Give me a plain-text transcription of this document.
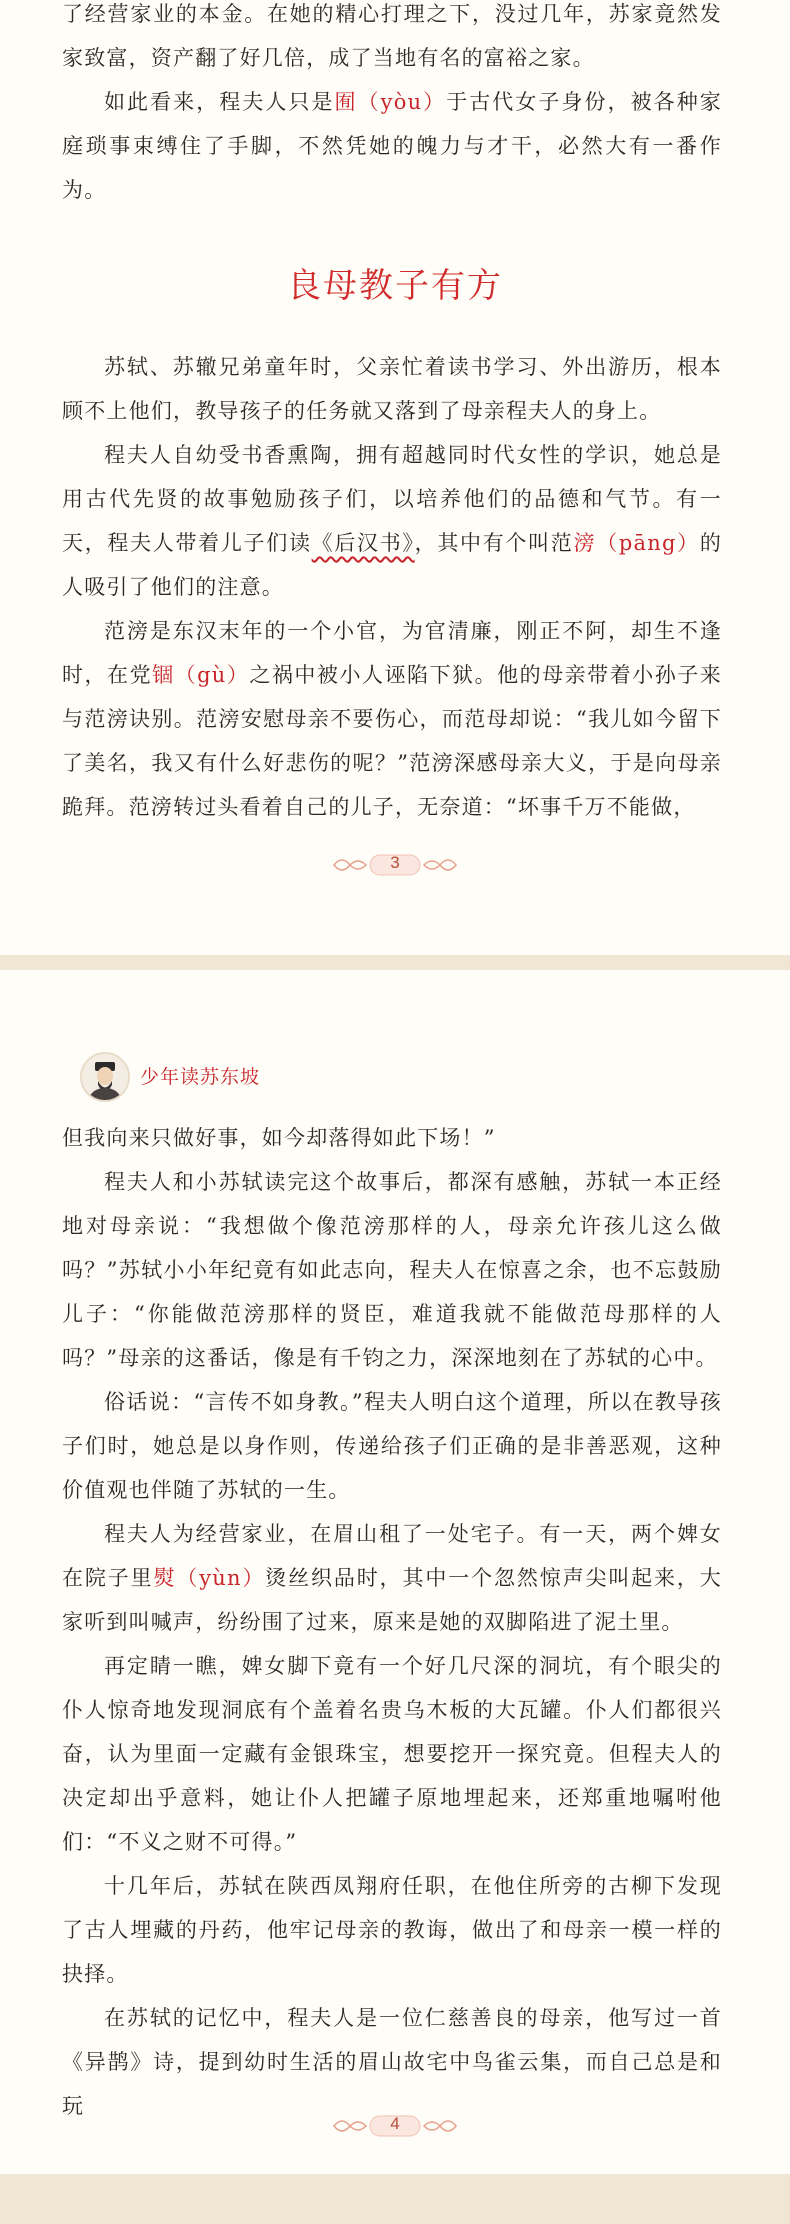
了经营家业的本金。在她的精心打理之下，没过几年，苏家竟然发家致富，资产翻了好几倍，成了当地有名的富裕之家。

如此看来，程夫人只是囿（yòu）于古代女子身份，被各种家庭琐事束缚住了手脚，不然凭她的魄力与才干，必然大有一番作为。

良母教子有方

苏轼、苏辙兄弟童年时，父亲忙着读书学习、外出游历，根本顾不上他们，教导孩子的任务就又落到了母亲程夫人的身上。

程夫人自幼受书香熏陶，拥有超越同时代女性的学识，她总是用古代先贤的故事勉励孩子们，以培养他们的品德和气节。有一天，程夫人带着儿子们读《后汉书》，其中有个叫范滂（pāng）的人吸引了他们的注意。

范滂是东汉末年的一个小官，为官清廉，刚正不阿，却生不逢时，在党锢（gù）之祸中被小人诬陷下狱。他的母亲带着小孙子来与范滂诀别。范滂安慰母亲不要伤心，而范母却说：“我儿如今留下了美名，我又有什么好悲伤的呢？”范滂深感母亲大义，于是向母亲跪拜。范滂转过头看着自己的儿子，无奈道：“坏事千万不能做，

3
少年读苏东坡

但我向来只做好事，如今却落得如此下场！”

程夫人和小苏轼读完这个故事后，都深有感触，苏轼一本正经地对母亲说：“我想做个像范滂那样的人，母亲允许孩儿这么做吗？”苏轼小小年纪竟有如此志向，程夫人在惊喜之余，也不忘鼓励儿子：“你能做范滂那样的贤臣，难道我就不能做范母那样的人吗？”母亲的这番话，像是有千钧之力，深深地刻在了苏轼的心中。

俗话说：“言传不如身教。”程夫人明白这个道理，所以在教导孩子们时，她总是以身作则，传递给孩子们正确的是非善恶观，这种价值观也伴随了苏轼的一生。

程夫人为经营家业，在眉山租了一处宅子。有一天，两个婢女在院子里熨（yùn）烫丝织品时，其中一个忽然惊声尖叫起来，大家听到叫喊声，纷纷围了过来，原来是她的双脚陷进了泥土里。

再定睛一瞧，婢女脚下竟有一个好几尺深的洞坑，有个眼尖的仆人惊奇地发现洞底有个盖着名贵乌木板的大瓦罐。仆人们都很兴奋，认为里面一定藏有金银珠宝，想要挖开一探究竟。但程夫人的决定却出乎意料，她让仆人把罐子原地埋起来，还郑重地嘱咐他们：“不义之财不可得。”

十几年后，苏轼在陕西凤翔府任职，在他住所旁的古柳下发现了古人埋藏的丹药，他牢记母亲的教诲，做出了和母亲一模一样的抉择。

在苏轼的记忆中，程夫人是一位仁慈善良的母亲，他写过一首《异鹊》诗，提到幼时生活的眉山故宅中鸟雀云集，而自己总是和玩

4
